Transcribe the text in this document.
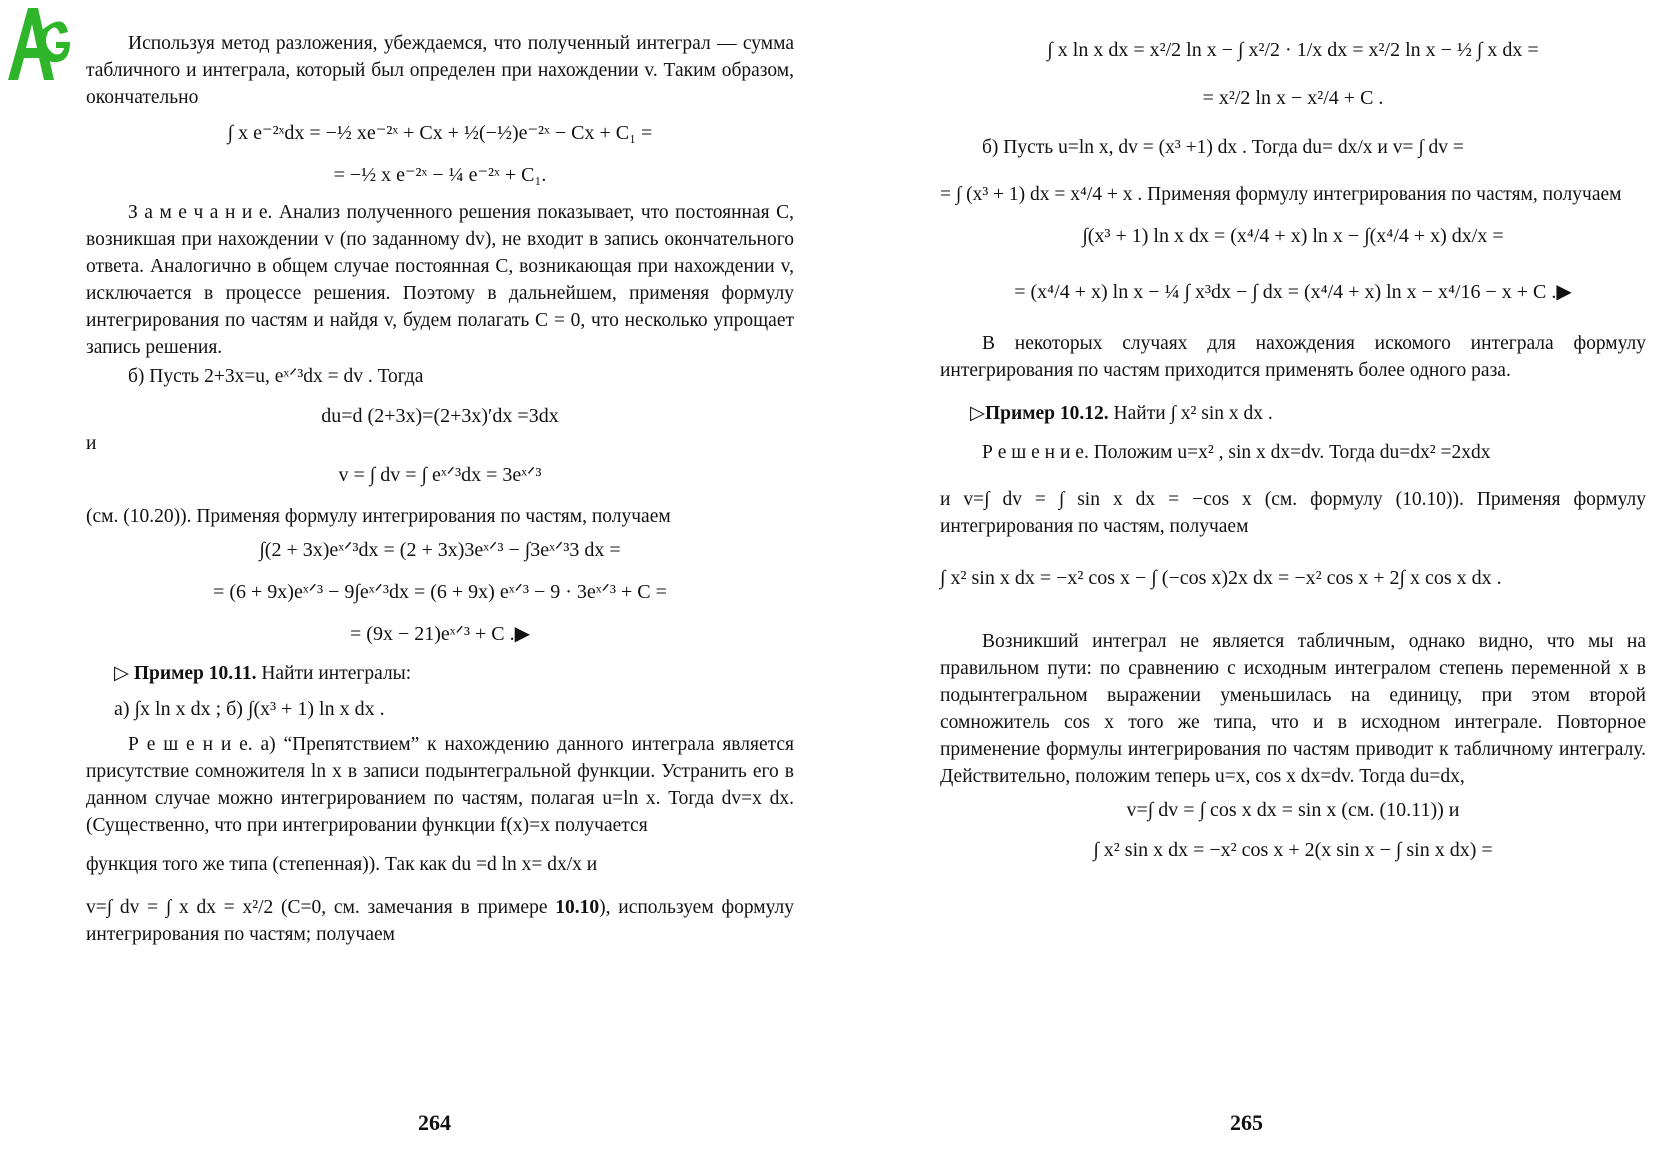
Используя метод разложения, убеждаемся, что полученный интеграл — сумма табличного и интеграла, который был определен при нахождении v. Таким образом, окончательно

∫ x e⁻²ˣdx = −½ xe⁻²ˣ + Cx + ½(−½)e⁻²ˣ − Cx + C₁ =

= −½ x e⁻²ˣ − ¼ e⁻²ˣ + C₁.

З а м е ч а н и е. Анализ полученного решения показывает, что постоянная C, возникшая при нахождении v (по заданному dv), не входит в запись окончательного ответа. Аналогично в общем случае постоянная C, возникающая при нахождении v, исключается в процессе решения. Поэтому в дальнейшем, применяя формулу интегрирования по частям и найдя v, будем полагать C = 0, что несколько упрощает запись решения.

б) Пусть 2+3x=u, eˣᐟ³dx = dv . Тогда

du=d (2+3x)=(2+3x)′dx =3dx

и

v = ∫ dv = ∫ eˣᐟ³dx = 3eˣᐟ³

(см. (10.20)). Применяя формулу интегрирования по частям, получаем

∫(2 + 3x)eˣᐟ³dx = (2 + 3x)3eˣᐟ³ − ∫3eˣᐟ³3 dx =

= (6 + 9x)eˣᐟ³ − 9∫eˣᐟ³dx = (6 + 9x) eˣᐟ³ − 9 · 3eˣᐟ³ + C =

= (9x − 21)eˣᐟ³ + C .▶

▷ Пример 10.11. Найти интегралы:

а) ∫x ln x dx ; б) ∫(x³ + 1) ln x dx .

Р е ш е н и е. а) “Препятствием” к нахождению данного интеграла является присутствие сомножителя ln x в записи подынтегральной функции. Устранить его в данном случае можно интегрированием по частям, полагая u=ln x. Тогда dv=x dx. (Существенно, что при интегрировании функции f(x)=x получается

функция того же типа (степенная)). Так как du =d ln x= dx/x и

v=∫ dv = ∫ x dx = x²/2 (C=0, см. замечания в примере 10.10), используем формулу интегрирования по частям; получаем

264

∫ x ln x dx = x²/2 ln x − ∫ x²/2 · 1/x dx = x²/2 ln x − ½ ∫ x dx =

= x²/2 ln x − x²/4 + C .

б) Пусть u=ln x, dv = (x³ +1) dx . Тогда du= dx/x и v= ∫ dv =

= ∫ (x³ + 1) dx = x⁴/4 + x . Применяя формулу интегрирования по частям, получаем

∫(x³ + 1) ln x dx = (x⁴/4 + x) ln x − ∫(x⁴/4 + x) dx/x =

= (x⁴/4 + x) ln x − ¼ ∫ x³dx − ∫ dx = (x⁴/4 + x) ln x − x⁴/16 − x + C .▶

В некоторых случаях для нахождения искомого интеграла формулу интегрирования по частям приходится применять более одного раза.

▷Пример 10.12. Найти ∫ x² sin x dx .

Р е ш е н и е. Положим u=x² , sin x dx=dv. Тогда du=dx² =2xdx

и v=∫ dv = ∫ sin x dx = −cos x (см. формулу (10.10)). Применяя формулу интегрирования по частям, получаем

∫ x² sin x dx = −x² cos x − ∫ (−cos x)2x dx = −x² cos x + 2∫ x cos x dx .

Возникший интеграл не является табличным, однако видно, что мы на правильном пути: по сравнению с исходным интегралом степень переменной x в подынтегральном выражении уменьшилась на единицу, при этом второй сомножитель cos x того же типа, что и в исходном интеграле. Повторное применение формулы интегрирования по частям приводит к табличному интегралу. Действительно, положим теперь u=x, cos x dx=dv. Тогда du=dx,

v=∫ dv = ∫ cos x dx = sin x (см. (10.11)) и

∫ x² sin x dx = −x² cos x + 2(x sin x − ∫ sin x dx) =

265
